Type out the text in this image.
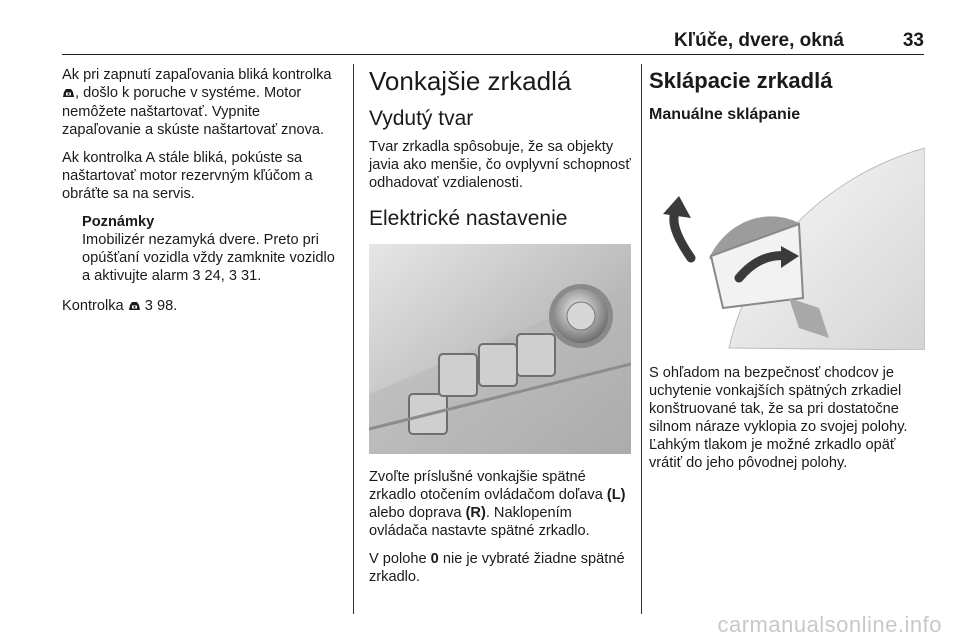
Kľúče, dvere, okná	33

Ak pri zapnutí zapaľovania bliká kontrolka , došlo k poruche v systéme. Motor nemôžete naštartovať. Vypnite zapaľovanie a skúste naštartovať znova.

Ak kontrolka A stále bliká, pokúste sa naštartovať motor rezervným kľúčom a obráťte sa na servis.

Poznámky
Imobilizér nezamyká dvere. Preto pri opúšťaní vozidla vždy zamknite vozidlo a aktivujte alarm 3 24, 3 31.

Kontrolka  3 98.

Vonkajšie zrkadlá
Vydutý tvar

Tvar zrkadla spôsobuje, že sa objekty javia ako menšie, čo ovplyvní schopnosť odhadovať vzdialenosti.

Elektrické nastavenie

Zvoľte príslušné vonkajšie spätné zrkadlo otočením ovládačom doľava (L) alebo doprava (R). Naklopením ovládača nastavte spätné zrkadlo.

V polohe 0 nie je vybraté žiadne spätné zrkadlo.

Sklápacie zrkadlá
Manuálne sklápanie

S ohľadom na bezpečnosť chodcov je uchytenie vonkajších spätných zrkadiel konštruované tak, že sa pri dostatočne silnom náraze vyklopia zo svojej polohy. Ľahkým tlakom je možné zrkadlo opäť vrátiť do jeho pôvodnej polohy.

carmanualsonline.info
